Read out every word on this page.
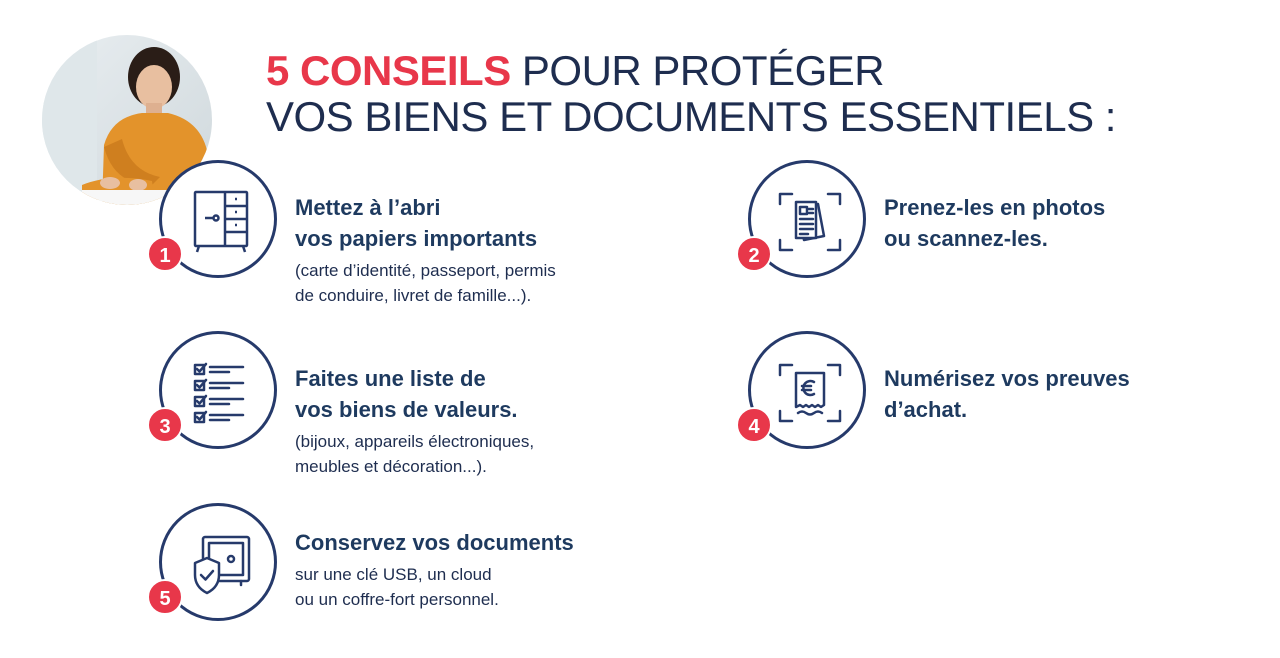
5 CONSEILS POUR PROTÉGER
VOS BIENS ET DOCUMENTS ESSENTIELS :
1
Mettez à l’abri
vos papiers importants
(carte d’identité, passeport, permis
de conduire, livret de famille...).
2
Prenez-les en photos
ou scannez-les.
3
Faites une liste de
vos biens de valeurs.
(bijoux, appareils électroniques,
meubles et décoration...).
4
Numérisez vos preuves
d’achat.
5
Conservez vos documents
sur une clé USB, un cloud
ou un coffre-fort personnel.
